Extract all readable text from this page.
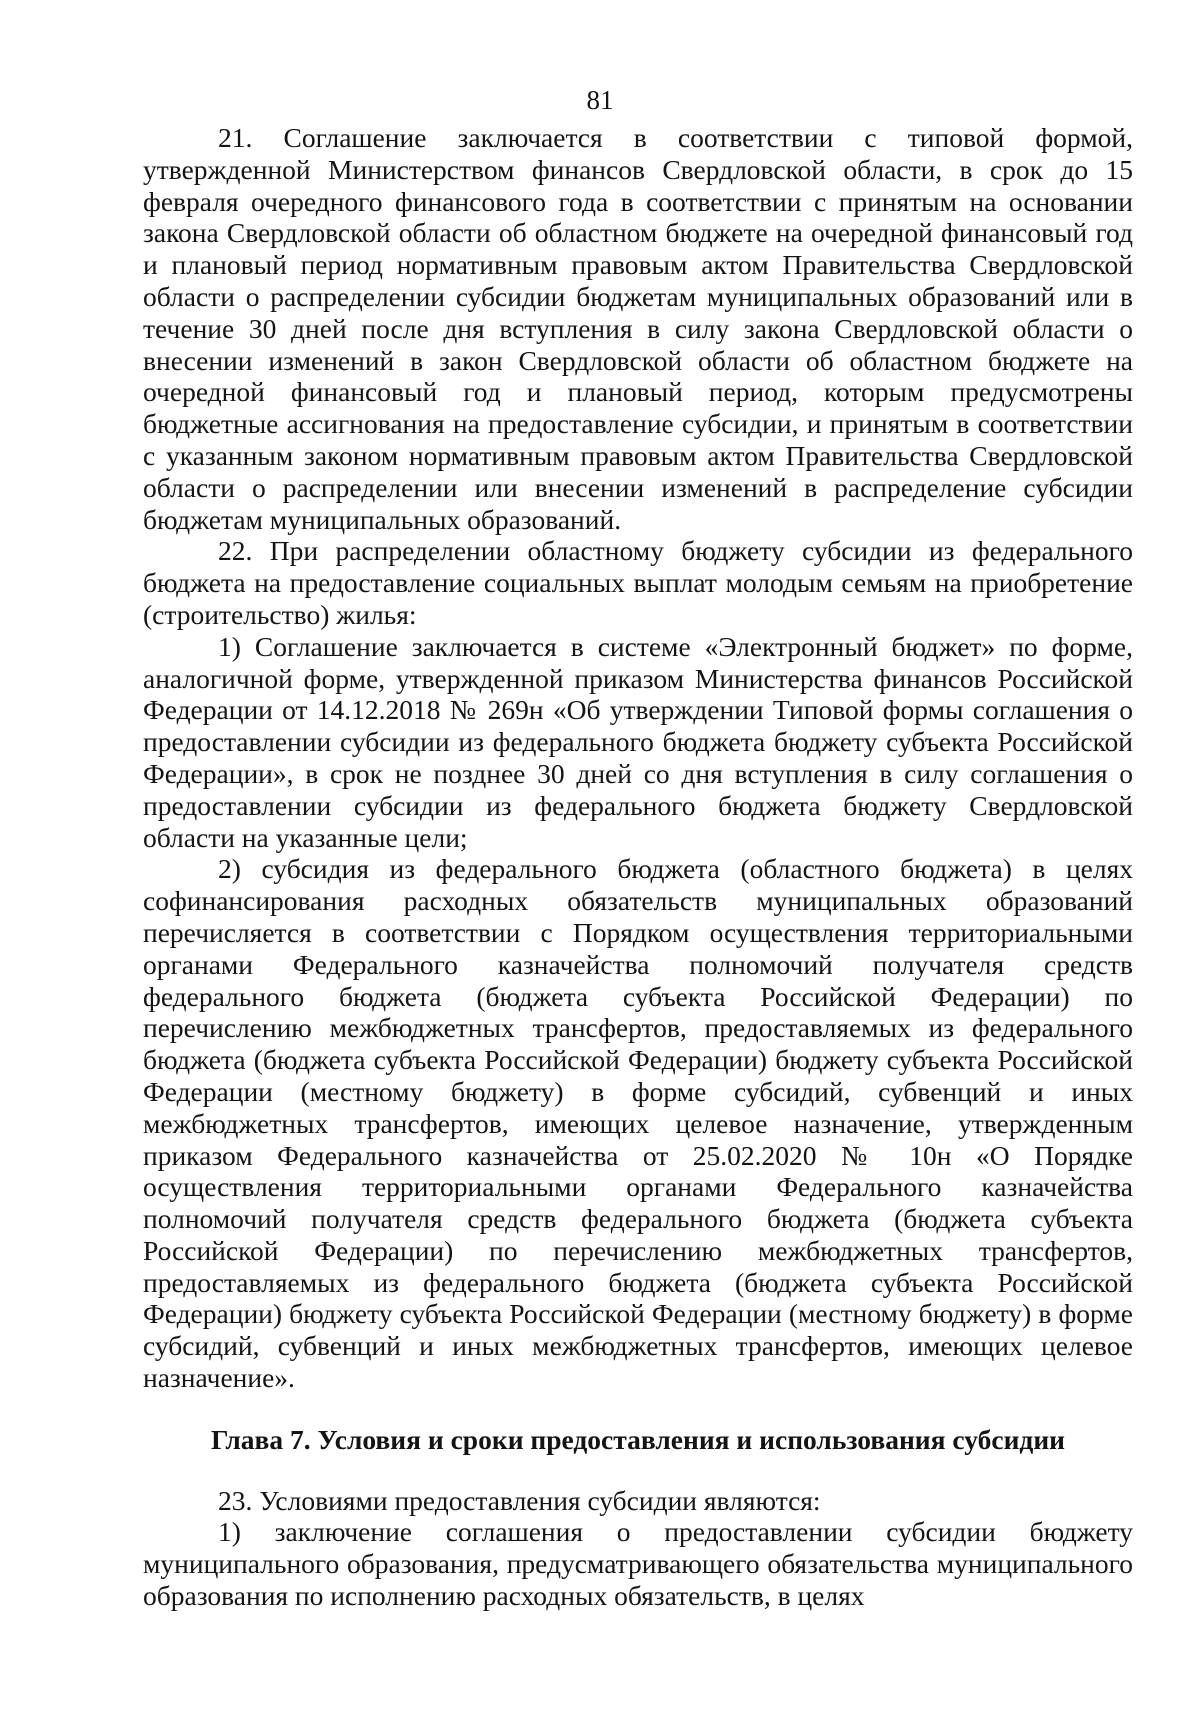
81

21. Соглашение заключается в соответствии с типовой формой, утвержденной Министерством финансов Свердловской области, в срок до 15 февраля очередного финансового года в соответствии с принятым на основании закона Свердловской области об областном бюджете на очередной финансовый год и плановый период нормативным правовым актом Правительства Свердловской области о распределении субсидии бюджетам муниципальных образований или в течение 30 дней после дня вступления в силу закона Свердловской области о внесении изменений в закон Свердловской области об областном бюджете на очередной финансовый год и плановый период, которым предусмотрены бюджетные ассигнования на предоставление субсидии, и принятым в соответствии с указанным законом нормативным правовым актом Правительства Свердловской области о распределении или внесении изменений в распределение субсидии бюджетам муниципальных образований.

22. При распределении областному бюджету субсидии из федерального бюджета на предоставление социальных выплат молодым семьям на приобретение (строительство) жилья:

1) Соглашение заключается в системе «Электронный бюджет» по форме, аналогичной форме, утвержденной приказом Министерства финансов Российской Федерации от 14.12.2018 № 269н «Об утверждении Типовой формы соглашения о предоставлении субсидии из федерального бюджета бюджету субъекта Российской Федерации», в срок не позднее 30 дней со дня вступления в силу соглашения о предоставлении субсидии из федерального бюджета бюджету Свердловской области на указанные цели;

2) субсидия из федерального бюджета (областного бюджета) в целях софинансирования расходных обязательств муниципальных образований перечисляется в соответствии с Порядком осуществления территориальными органами Федерального казначейства полномочий получателя средств федерального бюджета (бюджета субъекта Российской Федерации) по перечислению межбюджетных трансфертов, предоставляемых из федерального бюджета (бюджета субъекта Российской Федерации) бюджету субъекта Российской Федерации (местному бюджету) в форме субсидий, субвенций и иных межбюджетных трансфертов, имеющих целевое назначение, утвержденным приказом Федерального казначейства от 25.02.2020 № 10н «О Порядке осуществления территориальными органами Федерального казначейства полномочий получателя средств федерального бюджета (бюджета субъекта Российской Федерации) по перечислению межбюджетных трансфертов, предоставляемых из федерального бюджета (бюджета субъекта Российской Федерации) бюджету субъекта Российской Федерации (местному бюджету) в форме субсидий, субвенций и иных межбюджетных трансфертов, имеющих целевое назначение».

Глава 7. Условия и сроки предоставления и использования субсидии

23. Условиями предоставления субсидии являются:

1) заключение соглашения о предоставлении субсидии бюджету муниципального образования, предусматривающего обязательства муниципального образования по исполнению расходных обязательств, в целях
